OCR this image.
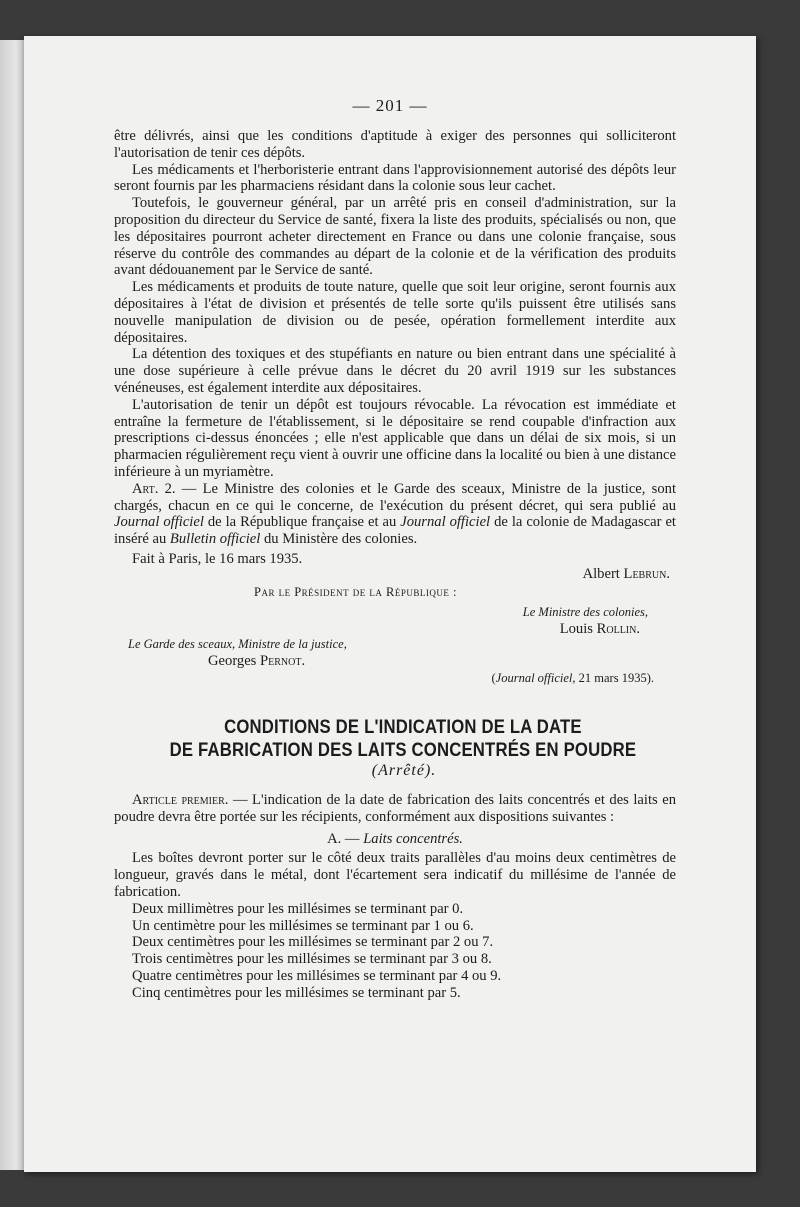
— 201 —

être délivrés, ainsi que les conditions d'aptitude à exiger des personnes qui solliciteront l'autorisation de tenir ces dépôts.

Les médicaments et l'herboristerie entrant dans l'approvisionnement autorisé des dépôts leur seront fournis par les pharmaciens résidant dans la colonie sous leur cachet.

Toutefois, le gouverneur général, par un arrêté pris en conseil d'administration, sur la proposition du directeur du Service de santé, fixera la liste des produits, spécialisés ou non, que les dépositaires pourront acheter directement en France ou dans une colonie française, sous réserve du contrôle des commandes au départ de la colonie et de la vérification des produits avant dédouanement par le Service de santé.

Les médicaments et produits de toute nature, quelle que soit leur origine, seront fournis aux dépositaires à l'état de division et présentés de telle sorte qu'ils puissent être utilisés sans nouvelle manipulation de division ou de pesée, opération formellement interdite aux dépositaires.

La détention des toxiques et des stupéfiants en nature ou bien entrant dans une spécialité à une dose supérieure à celle prévue dans le décret du 20 avril 1919 sur les substances vénéneuses, est également interdite aux dépositaires.

L'autorisation de tenir un dépôt est toujours révocable. La révocation est immédiate et entraîne la fermeture de l'établissement, si le dépositaire se rend coupable d'infraction aux prescriptions ci-dessus énoncées ; elle n'est applicable que dans un délai de six mois, si un pharmacien régulièrement reçu vient à ouvrir une officine dans la localité ou bien à une distance inférieure à un myriamètre.

Art. 2. — Le Ministre des colonies et le Garde des sceaux, Ministre de la justice, sont chargés, chacun en ce qui le concerne, de l'exécution du présent décret, qui sera publié au Journal officiel de la République française et au Journal officiel de la colonie de Madagascar et inséré au Bulletin officiel du Ministère des colonies.

Fait à Paris, le 16 mars 1935.

Albert Lebrun.
Par le Président de la République :
Le Ministre des colonies,
Louis Rollin.
Le Garde des sceaux, Ministre de la justice,
Georges Pernot.
(Journal officiel, 21 mars 1935).

CONDITIONS DE L'INDICATION DE LA DATE

DE FABRICATION DES LAITS CONCENTRÉS EN POUDRE

(Arrêté).

Article premier. — L'indication de la date de fabrication des laits concentrés et des laits en poudre devra être portée sur les récipients, conformément aux dispositions suivantes :

A. — Laits concentrés.

Les boîtes devront porter sur le côté deux traits parallèles d'au moins deux centimètres de longueur, gravés dans le métal, dont l'écartement sera indicatif du millésime de l'année de fabrication.

Deux millimètres pour les millésimes se terminant par 0.

Un centimètre pour les millésimes se terminant par 1 ou 6.

Deux centimètres pour les millésimes se terminant par 2 ou 7.

Trois centimètres pour les millésimes se terminant par 3 ou 8.

Quatre centimètres pour les millésimes se terminant par 4 ou 9.

Cinq centimètres pour les millésimes se terminant par 5.
